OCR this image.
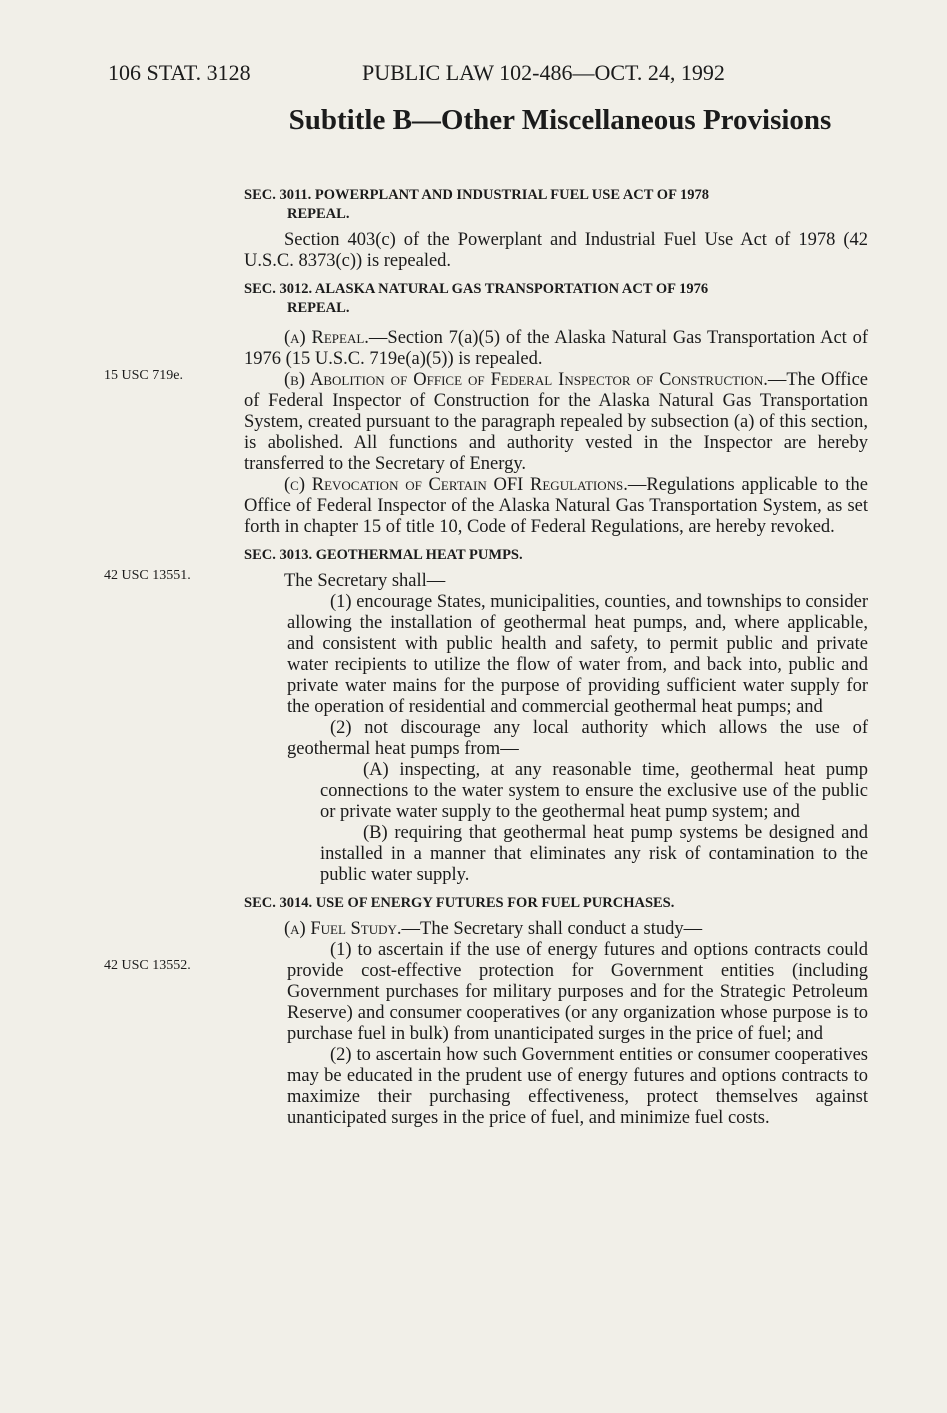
106 STAT. 3128	PUBLIC LAW 102-486—OCT. 24, 1992
Subtitle B—Other Miscellaneous Provisions
15 USC 719e.
42 USC 13551.
42 USC 13552.
SEC. 3011. POWERPLANT AND INDUSTRIAL FUEL USE ACT OF 1978
REPEAL.

Section 403(c) of the Powerplant and Industrial Fuel Use Act of 1978 (42 U.S.C. 8373(c)) is repealed.

SEC. 3012. ALASKA NATURAL GAS TRANSPORTATION ACT OF 1976
REPEAL.

(a) Repeal.—Section 7(a)(5) of the Alaska Natural Gas Transportation Act of 1976 (15 U.S.C. 719e(a)(5)) is repealed.

(b) Abolition of Office of Federal Inspector of Construction.—The Office of Federal Inspector of Construction for the Alaska Natural Gas Transportation System, created pursuant to the paragraph repealed by subsection (a) of this section, is abolished. All functions and authority vested in the Inspector are hereby transferred to the Secretary of Energy.

(c) Revocation of Certain OFI Regulations.—Regulations applicable to the Office of Federal Inspector of the Alaska Natural Gas Transportation System, as set forth in chapter 15 of title 10, Code of Federal Regulations, are hereby revoked.

SEC. 3013. GEOTHERMAL HEAT PUMPS.

The Secretary shall—

(1) encourage States, municipalities, counties, and townships to consider allowing the installation of geothermal heat pumps, and, where applicable, and consistent with public health and safety, to permit public and private water recipients to utilize the flow of water from, and back into, public and private water mains for the purpose of providing sufficient water supply for the operation of residential and commercial geothermal heat pumps; and

(2) not discourage any local authority which allows the use of geothermal heat pumps from—

(A) inspecting, at any reasonable time, geothermal heat pump connections to the water system to ensure the exclusive use of the public or private water supply to the geothermal heat pump system; and

(B) requiring that geothermal heat pump systems be designed and installed in a manner that eliminates any risk of contamination to the public water supply.

SEC. 3014. USE OF ENERGY FUTURES FOR FUEL PURCHASES.

(a) Fuel Study.—The Secretary shall conduct a study—

(1) to ascertain if the use of energy futures and options contracts could provide cost-effective protection for Government entities (including Government purchases for military purposes and for the Strategic Petroleum Reserve) and consumer cooperatives (or any organization whose purpose is to purchase fuel in bulk) from unanticipated surges in the price of fuel; and

(2) to ascertain how such Government entities or consumer cooperatives may be educated in the prudent use of energy futures and options contracts to maximize their purchasing effectiveness, protect themselves against unanticipated surges in the price of fuel, and minimize fuel costs.
